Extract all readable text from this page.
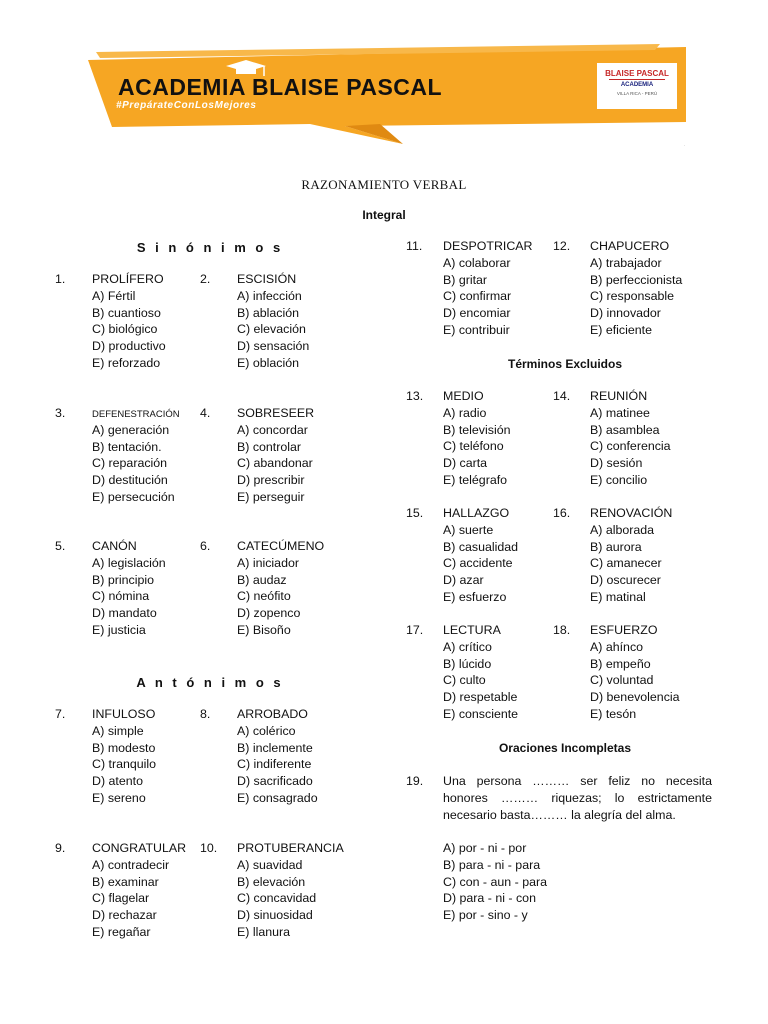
.
ACADEMIA BLAISE PASCAL
#PrepárateConLosMejores
BLAISE PASCAL
ACADEMIA
VILLA RICA - PERÚ
RAZONAMIENTO VERBAL
Integral
S i n ó n i m o s
A n t ó n i m o s
Términos Excluidos
Oraciones Incompletas
1. PROLÍFERO
A) Fértil
B) cuantioso
C) biológico
D) productivo
E) reforzado
2. ESCISIÓN
A) infección
B) ablación
C) elevación
D) sensación
E) oblación
3.	DEFENESTRACIÓN
A) generación
B) tentación.
C) reparación
D) destitución
E) persecución
4. SOBRESEER
A) concordar
B) controlar
C) abandonar
D) prescribir
E) perseguir
5. CANÓN
A) legislación
B) principio
C) nómina
D) mandato
E) justicia
6. CATECÚMENO
A) iniciador
B) audaz
C) neófito
D) zopenco
E) Bisoño
7. INFULOSO
A) simple
B) modesto
C) tranquilo
D) atento
E) sereno
8. ARROBADO
A) colérico
B) inclemente
C) indiferente
D) sacrificado
E) consagrado
9. CONGRATULAR
A) contradecir
B) examinar
C) flagelar
D) rechazar
E) regañar
10. PROTUBERANCIA
A) suavidad
B) elevación
C) concavidad
D) sinuosidad
E) llanura
11. DESPOTRICAR
A) colaborar
B) gritar
C) confirmar
D) encomiar
E) contribuir
12. CHAPUCERO
A) trabajador
B) perfeccionista
C) responsable
D) innovador
E) eficiente
13. MEDIO
A) radio
B) televisión
C) teléfono
D) carta
E) telégrafo
14. REUNIÓN
A) matinee
B) asamblea
C) conferencia
D) sesión
E) concilio
15. HALLAZGO
A) suerte
B) casualidad
C) accidente
D) azar
E) esfuerzo
16. RENOVACIÓN
A) alborada
B) aurora
C) amanecer
D) oscurecer
E) matinal
17. LECTURA
A) crítico
B) lúcido
C) culto
D) respetable
E) consciente
18. ESFUERZO
A) ahínco
B) empeño
C) voluntad
D) benevolencia
E) tesón
19. Una persona ……… ser feliz no necesita honores ……… riquezas; lo estrictamente necesario basta……… la alegría del alma.
A) por - ni - por
B) para - ni - para
C) con - aun - para
D) para - ni - con
E) por - sino - y
